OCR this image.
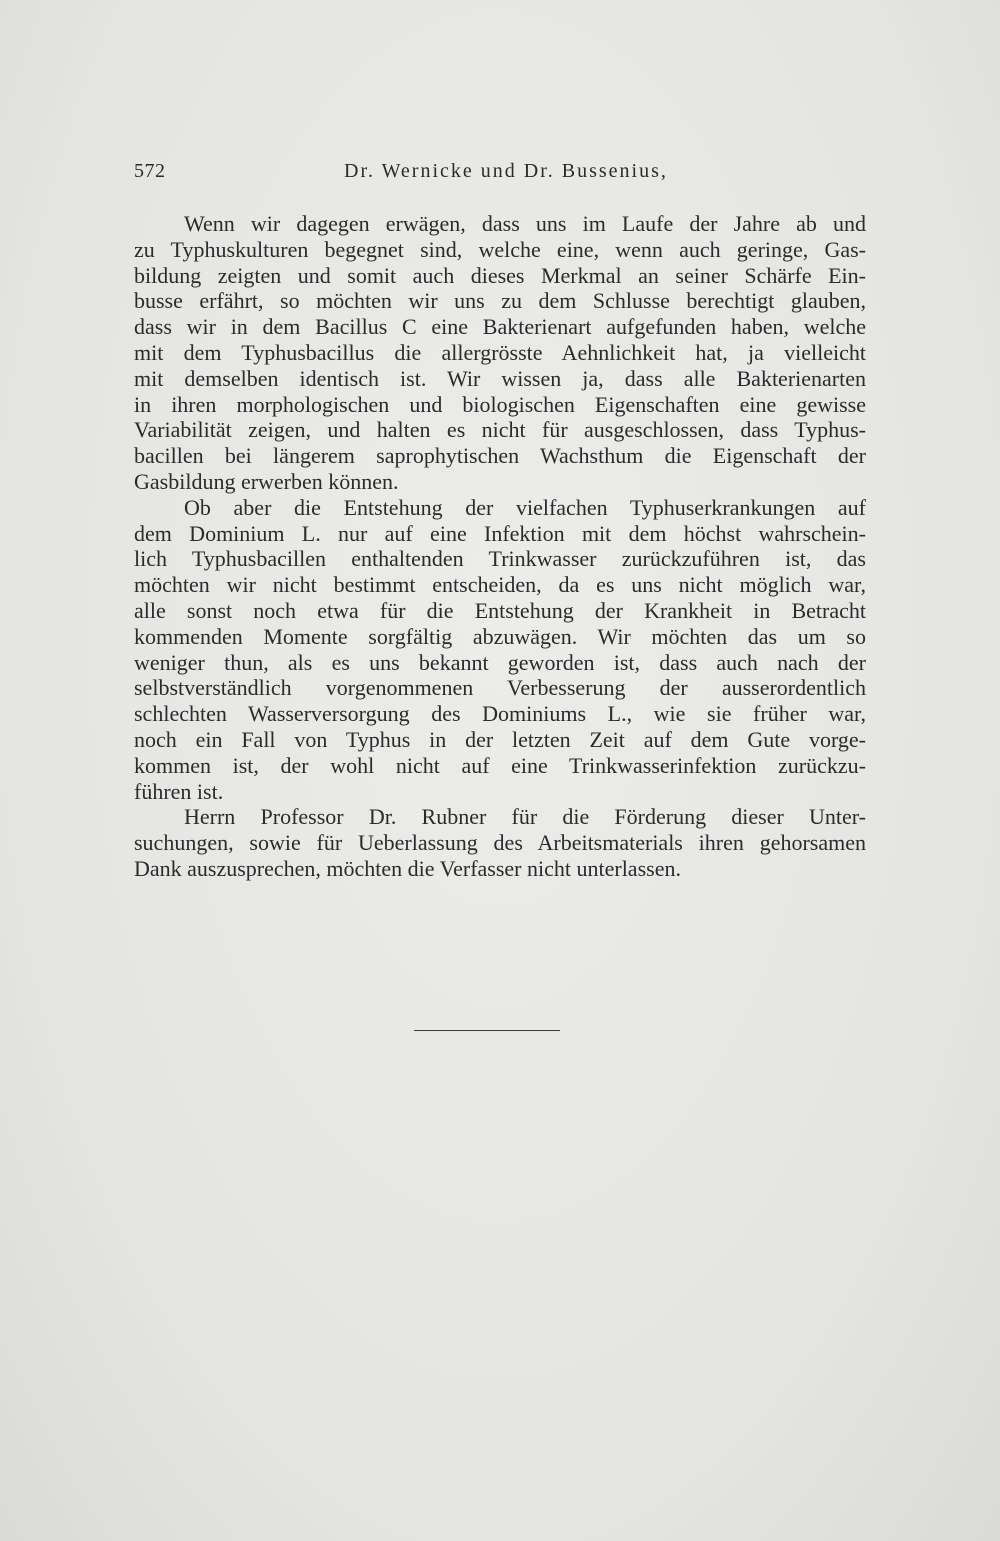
572	Dr. Wernicke und Dr. Bussenius,
Wenn wir dagegen erwägen, dass uns im Laufe der Jahre ab und
zu Typhuskulturen begegnet sind, welche eine, wenn auch geringe, Gas-
bildung zeigten und somit auch dieses Merkmal an seiner Schärfe Ein-
busse erfährt, so möchten wir uns zu dem Schlusse berechtigt glauben,
dass wir in dem Bacillus C eine Bakterienart aufgefunden haben, welche
mit dem Typhusbacillus die allergrösste Aehnlichkeit hat, ja vielleicht
mit demselben identisch ist. Wir wissen ja, dass alle Bakterienarten
in ihren morphologischen und biologischen Eigenschaften eine gewisse
Variabilität zeigen, und halten es nicht für ausgeschlossen, dass Typhus-
bacillen bei längerem saprophytischen Wachsthum die Eigenschaft der
Gasbildung erwerben können.
Ob aber die Entstehung der vielfachen Typhuserkrankungen auf
dem Dominium L. nur auf eine Infektion mit dem höchst wahrschein-
lich Typhusbacillen enthaltenden Trinkwasser zurückzuführen ist, das
möchten wir nicht bestimmt entscheiden, da es uns nicht möglich war,
alle sonst noch etwa für die Entstehung der Krankheit in Betracht
kommenden Momente sorgfältig abzuwägen. Wir möchten das um so
weniger thun, als es uns bekannt geworden ist, dass auch nach der
selbstverständlich vorgenommenen Verbesserung der ausserordentlich
schlechten Wasserversorgung des Dominiums L., wie sie früher war,
noch ein Fall von Typhus in der letzten Zeit auf dem Gute vorge-
kommen ist, der wohl nicht auf eine Trinkwasserinfektion zurückzu-
führen ist.
Herrn Professor Dr. Rubner für die Förderung dieser Unter-
suchungen, sowie für Ueberlassung des Arbeitsmaterials ihren gehorsamen
Dank auszusprechen, möchten die Verfasser nicht unterlassen.
